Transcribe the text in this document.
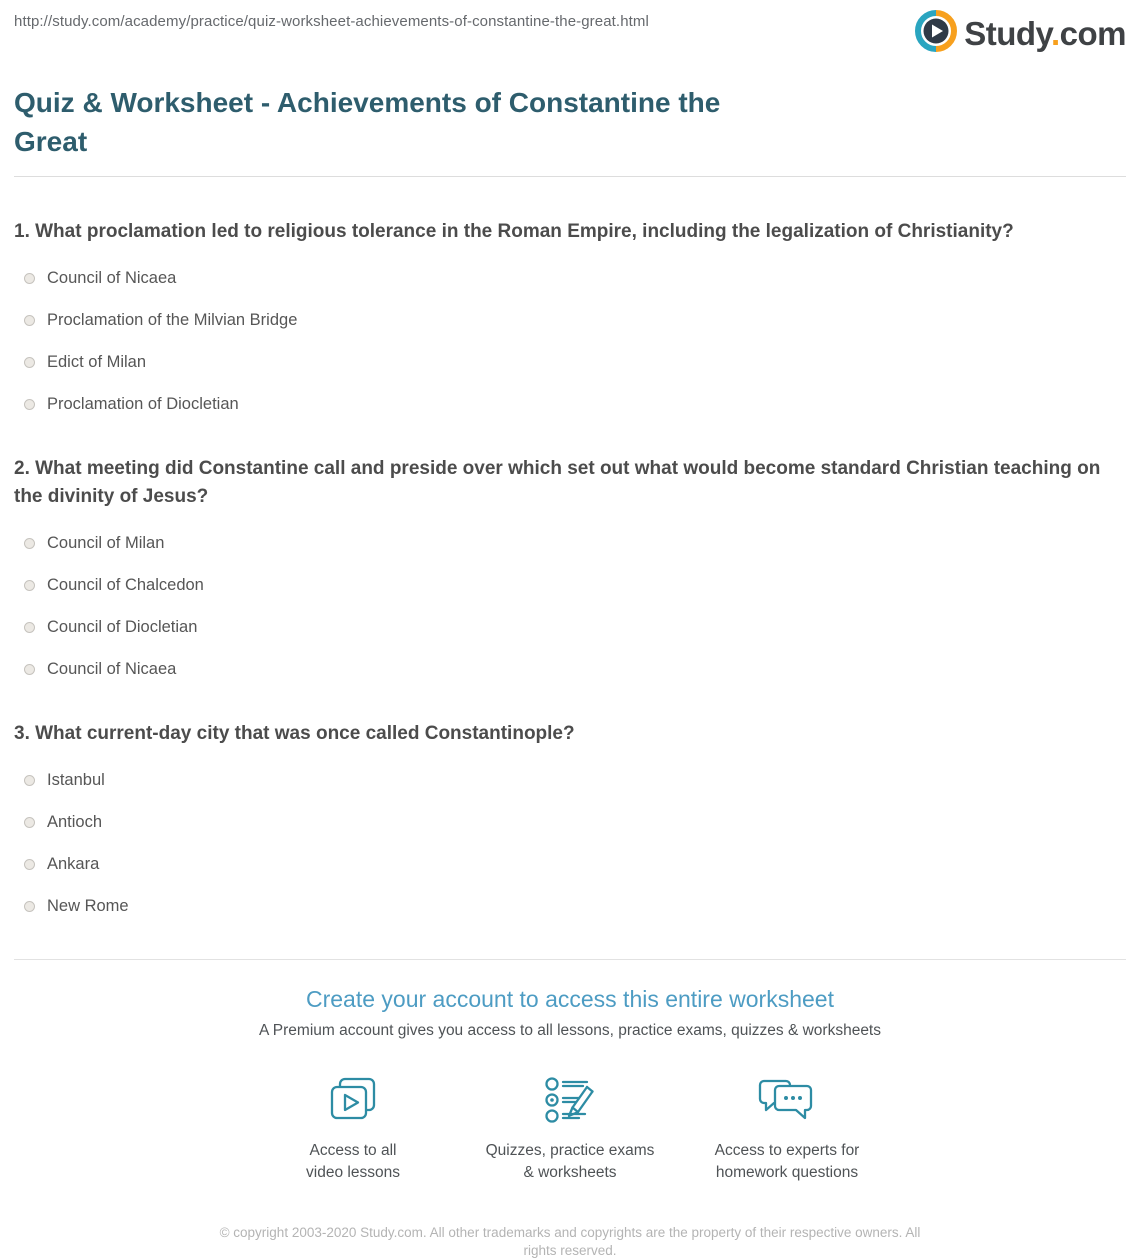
http://study.com/academy/practice/quiz-worksheet-achievements-of-constantine-the-great.html	Study.com
Quiz & Worksheet - Achievements of Constantine the Great
1. What proclamation led to religious tolerance in the Roman Empire, including the legalization of Christianity?
Council of Nicaea
Proclamation of the Milvian Bridge
Edict of Milan
Proclamation of Diocletian
2. What meeting did Constantine call and preside over which set out what would become standard Christian teaching on the divinity of Jesus?
Council of Milan
Council of Chalcedon
Council of Diocletian
Council of Nicaea
3. What current-day city that was once called Constantinople?
Istanbul
Antioch
Ankara
New Rome
Create your account to access this entire worksheet
A Premium account gives you access to all lessons, practice exams, quizzes & worksheets
Access to all
video lessons
Quizzes, practice exams
& worksheets
Access to experts for
homework questions
© copyright 2003-2020 Study.com. All other trademarks and copyrights are the property of their respective owners. All rights reserved.
